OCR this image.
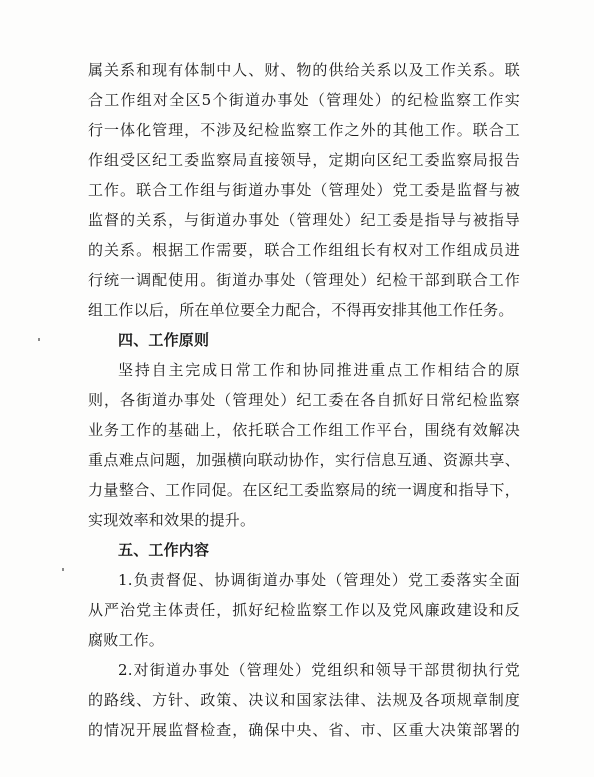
属关系和现有体制中人、财、物的供给关系以及工作关系。联
合工作组对全区5个街道办事处（管理处）的纪检监察工作实
行一体化管理，不涉及纪检监察工作之外的其他工作。联合工
作组受区纪工委监察局直接领导，定期向区纪工委监察局报告
工作。联合工作组与街道办事处（管理处）党工委是监督与被
监督的关系，与街道办事处（管理处）纪工委是指导与被指导
的关系。根据工作需要，联合工作组组长有权对工作组成员进
行统一调配使用。街道办事处（管理处）纪检干部到联合工作
组工作以后，所在单位要全力配合，不得再安排其他工作任务。
四、工作原则
坚持自主完成日常工作和协同推进重点工作相结合的原
则，各街道办事处（管理处）纪工委在各自抓好日常纪检监察
业务工作的基础上，依托联合工作组工作平台，围绕有效解决
重点难点问题，加强横向联动协作，实行信息互通、资源共享、
力量整合、工作同促。在区纪工委监察局的统一调度和指导下，
实现效率和效果的提升。
五、工作内容
1.负责督促、协调街道办事处（管理处）党工委落实全面
从严治党主体责任，抓好纪检监察工作以及党风廉政建设和反
腐败工作。
2.对街道办事处（管理处）党组织和领导干部贯彻执行党
的路线、方针、政策、决议和国家法律、法规及各项规章制度
的情况开展监督检查，确保中央、省、市、区重大决策部署的
